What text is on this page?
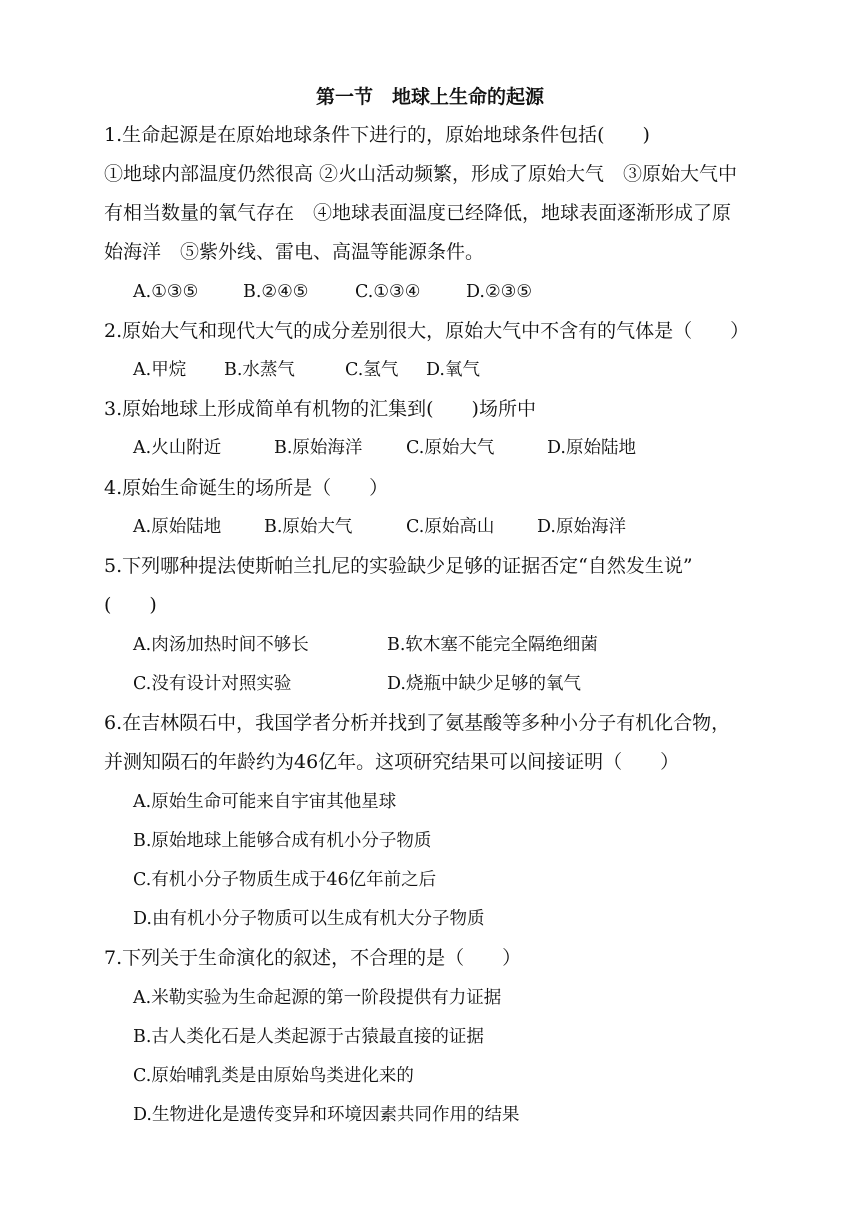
第一节　地球上生命的起源
1.生命起源是在原始地球条件下进行的，原始地球条件包括(　　)
①地球内部温度仍然很高 ②火山活动频繁，形成了原始大气　③原始大气中
有相当数量的氧气存在　④地球表面温度已经降低，地球表面逐渐形成了原
始海洋　⑤紫外线、雷电、高温等能源条件。
A.①③⑤	B.②④⑤	C.①③④	D.②③⑤
2.原始大气和现代大气的成分差别很大，原始大气中不含有的气体是（　　）
A.甲烷 B.水蒸气	C.氢气 D.氧气
3.原始地球上形成简单有机物的汇集到(　　)场所中
A.火山附近	B.原始海洋 C.原始大气	D.原始陆地
4.原始生命诞生的场所是（　　）
A.原始陆地 B.原始大气	C.原始高山 D.原始海洋
5.下列哪种提法使斯帕兰扎尼的实验缺少足够的证据否定“自然发生说”
(　　)
A.肉汤加热时间不够长	B.软木塞不能完全隔绝细菌
C.没有设计对照实验	D.烧瓶中缺少足够的氧气
6.在吉林陨石中，我国学者分析并找到了氨基酸等多种小分子有机化合物，
并测知陨石的年龄约为46亿年。这项研究结果可以间接证明（　　）
A.原始生命可能来自宇宙其他星球
B.原始地球上能够合成有机小分子物质
C.有机小分子物质生成于46亿年前之后
D.由有机小分子物质可以生成有机大分子物质
7.下列关于生命演化的叙述，不合理的是（　　）
A.米勒实验为生命起源的第一阶段提供有力证据
B.古人类化石是人类起源于古猿最直接的证据
C.原始哺乳类是由原始鸟类进化来的
D.生物进化是遗传变异和环境因素共同作用的结果
